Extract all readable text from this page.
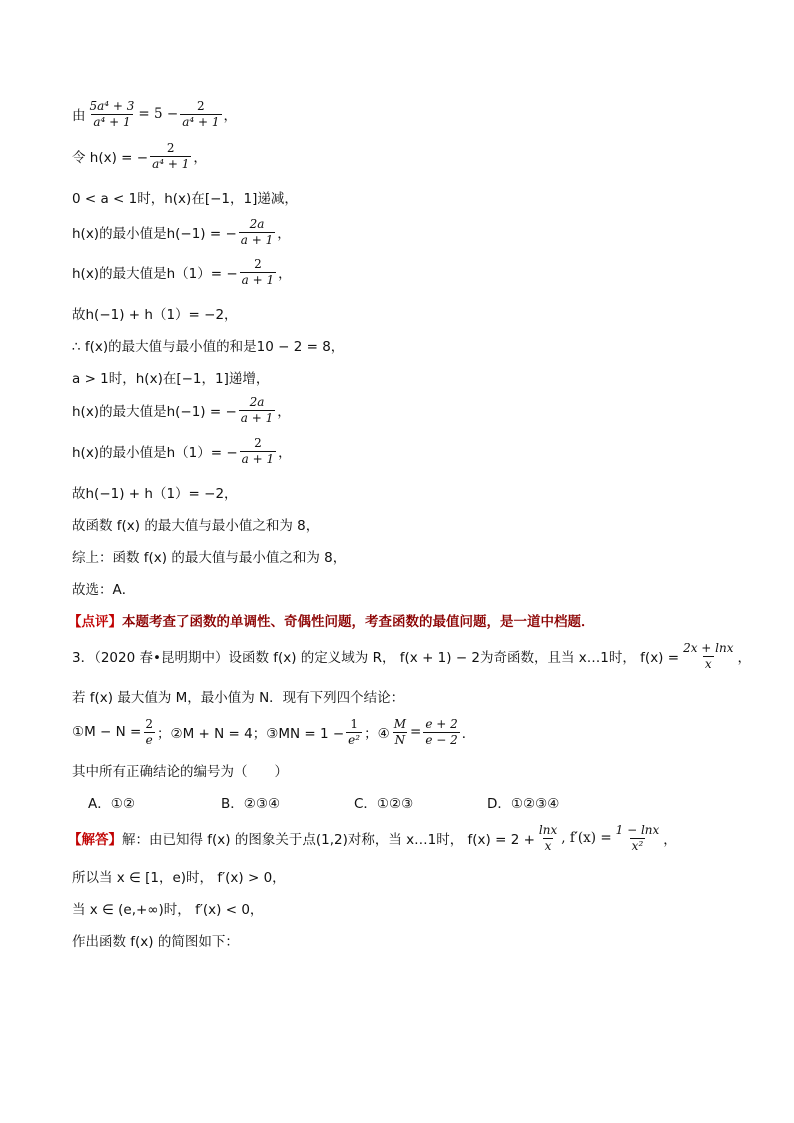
由 $\frac{\text{5a⁴ + 3}}{\text{a⁴ + 1}} = 5 - \frac{2}{\text{a⁴ + 1}}$ ，
令 h(x) = − $\frac{2}{\text{a⁴ + 1}}$ ，
0 < a < 1时，h(x)在[−1，1]递减，
h(x)的最小值是h(−1) = − $\frac{2a}{a + 1}$ ，
h(x)的最大值是$h(1)= - \frac{2}{a + 1}$ ，
故h(−1) + h（1）= −2，
∴ f(x)的最大值与最小值的和是10 − 2 = 8，
a > 1时，h(x)在[−1，1]递增，
h(x)的最大值是h(−1) = − $\frac{2a}{a + 1}$ ，
h(x)的最小值是$h(1)= - \frac{2}{a + 1}$ ，
故h(−1) + h（1）= −2，
故函数 f(x) 的最大值与最小值之和为 8，
综上：函数 f(x) 的最大值与最小值之和为 8，
故选：A．
【点评】 本题考查了函数的单调性、奇偶性问题，考查函数的最值问题，是一道中档题．
3．（2020 春•昆明期中）设函数 f(x) 的定义域为 R， f(x + 1) − 2为奇函数，且当 x…1时， $f(x) = \frac{2x + \ln x}{x}$ ，
若 f(x) 最大值为 M，最小值为 N．现有下列四个结论：
①M − $N = \frac{2}{e}$ ；②M + N = 4；③MN = $1 - \frac{1}{\text{e²}}$ ；④ $\frac{M}{N} = \frac{e + 2}{e - 2}$ ．
其中所有正确结论的编号为（　　）
A．①②	B．②③④	C．①②③	D．①②③④
【解答】 解：由已知得 f(x) 的图象关于点(1,2)对称，当 x…1时， $f(x) = 2 + \frac{\ln x}{x}$ , $f'(x) = \frac{1 - \ln x}{\text{x²}}$ ，
所以当 x ∈ [1，e)时， f′(x) > 0，
当 x ∈ (e,+∞)时， f′(x) < 0，
作出函数 f(x) 的简图如下：
